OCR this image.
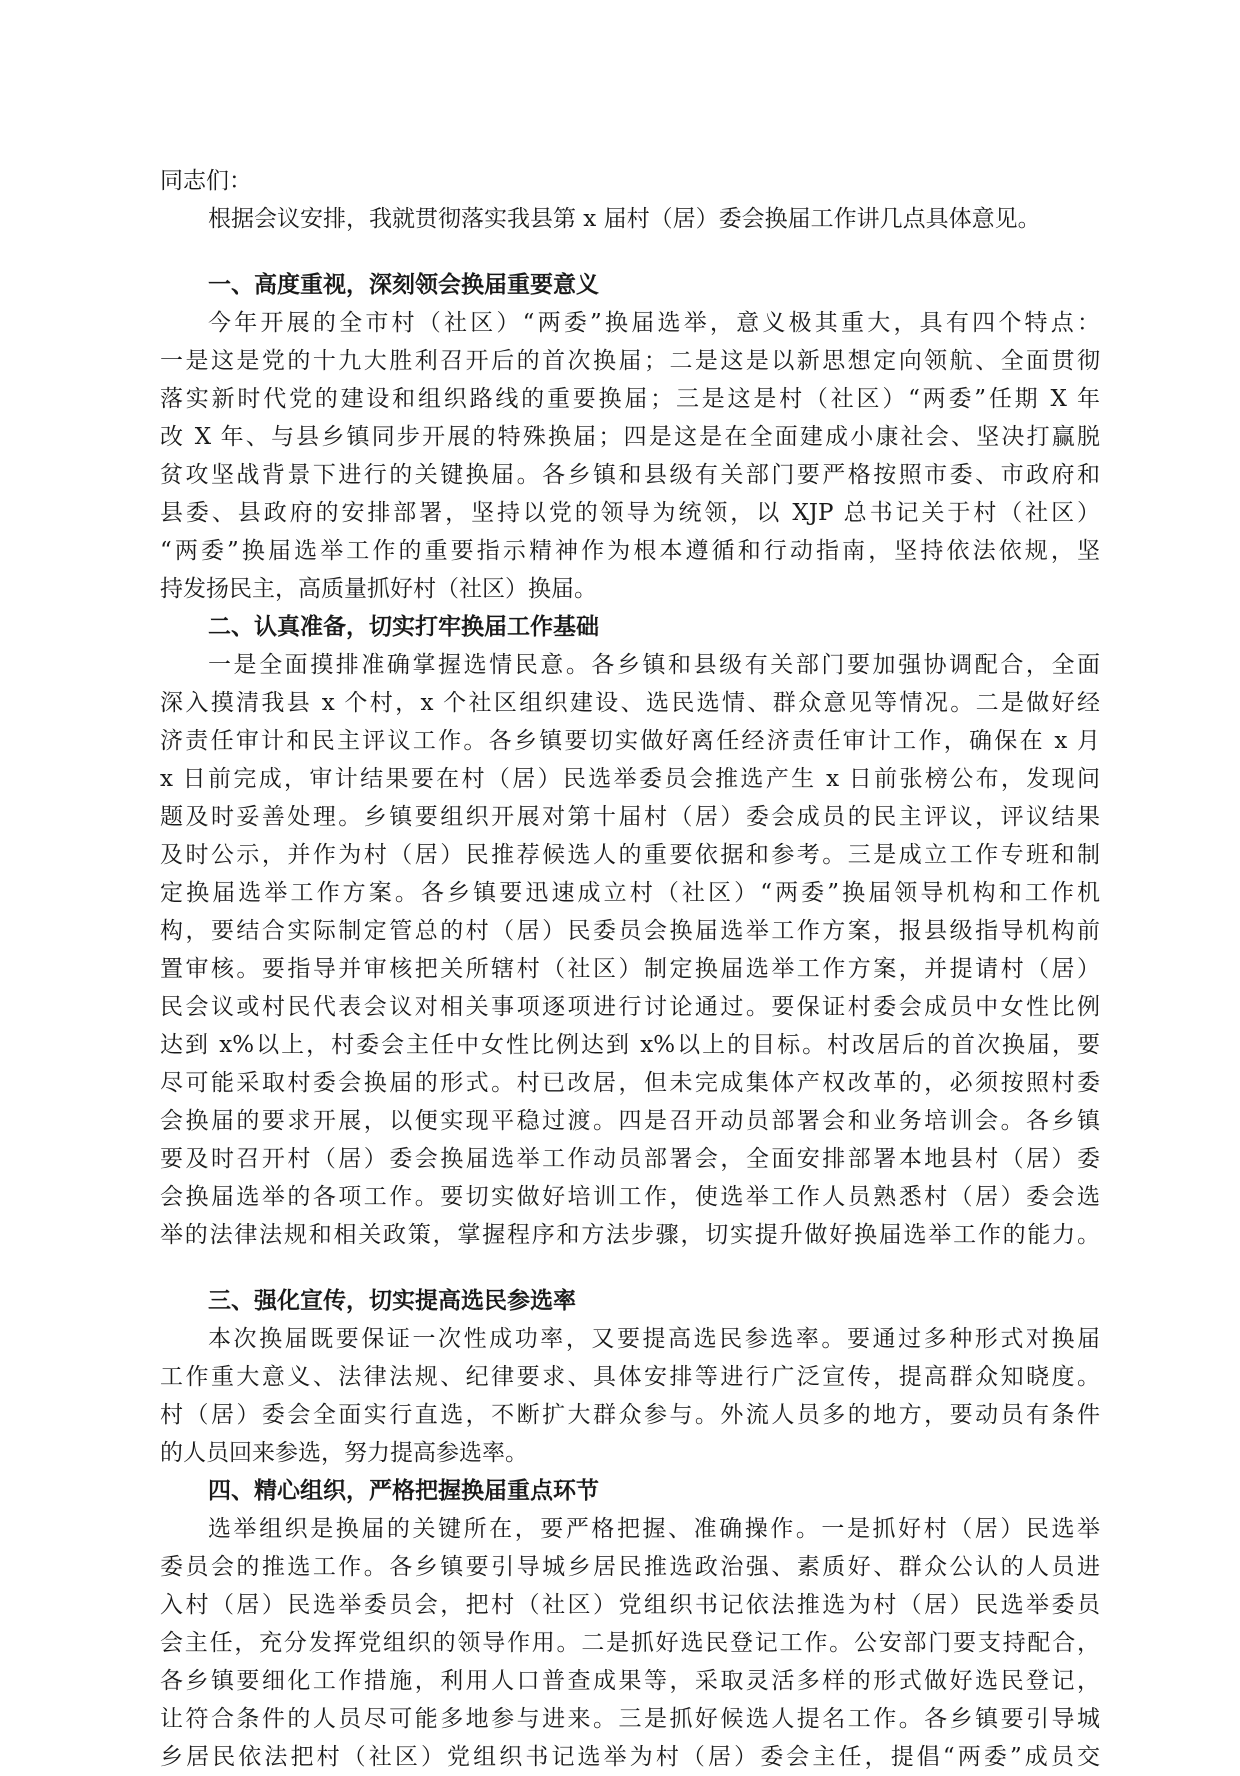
同志们：
根据会议安排，我就贯彻落实我县第 x 届村（居）委会换届工作讲几点具体意见。
一、高度重视，深刻领会换届重要意义
今年开展的全市村（社区）“两委”换届选举，意义极其重大，具有四个特点：
一是这是党的十九大胜利召开后的首次换届；二是这是以新思想定向领航、全面贯彻
落实新时代党的建设和组织路线的重要换届；三是这是村（社区）“两委”任期 X 年
改 X 年、与县乡镇同步开展的特殊换届；四是这是在全面建成小康社会、坚决打赢脱
贫攻坚战背景下进行的关键换届。各乡镇和县级有关部门要严格按照市委、市政府和
县委、县政府的安排部署，坚持以党的领导为统领，以 XJP 总书记关于村（社区）
“两委”换届选举工作的重要指示精神作为根本遵循和行动指南，坚持依法依规，坚
持发扬民主，高质量抓好村（社区）换届。
二、认真准备，切实打牢换届工作基础
一是全面摸排准确掌握选情民意。各乡镇和县级有关部门要加强协调配合，全面
深入摸清我县 x 个村，x 个社区组织建设、选民选情、群众意见等情况。二是做好经
济责任审计和民主评议工作。各乡镇要切实做好离任经济责任审计工作，确保在 x 月
x 日前完成，审计结果要在村（居）民选举委员会推选产生 x 日前张榜公布，发现问
题及时妥善处理。乡镇要组织开展对第十届村（居）委会成员的民主评议，评议结果
及时公示，并作为村（居）民推荐候选人的重要依据和参考。三是成立工作专班和制
定换届选举工作方案。各乡镇要迅速成立村（社区）“两委”换届领导机构和工作机
构，要结合实际制定管总的村（居）民委员会换届选举工作方案，报县级指导机构前
置审核。要指导并审核把关所辖村（社区）制定换届选举工作方案，并提请村（居）
民会议或村民代表会议对相关事项逐项进行讨论通过。要保证村委会成员中女性比例
达到 x%以上，村委会主任中女性比例达到 x%以上的目标。村改居后的首次换届，要
尽可能采取村委会换届的形式。村已改居，但未完成集体产权改革的，必须按照村委
会换届的要求开展，以便实现平稳过渡。四是召开动员部署会和业务培训会。各乡镇
要及时召开村（居）委会换届选举工作动员部署会，全面安排部署本地县村（居）委
会换届选举的各项工作。要切实做好培训工作，使选举工作人员熟悉村（居）委会选
举的法律法规和相关政策，掌握程序和方法步骤，切实提升做好换届选举工作的能力。
三、强化宣传，切实提高选民参选率
本次换届既要保证一次性成功率，又要提高选民参选率。要通过多种形式对换届
工作重大意义、法律法规、纪律要求、具体安排等进行广泛宣传，提高群众知晓度。
村（居）委会全面实行直选，不断扩大群众参与。外流人员多的地方，要动员有条件
的人员回来参选，努力提高参选率。
四、精心组织，严格把握换届重点环节
选举组织是换届的关键所在，要严格把握、准确操作。一是抓好村（居）民选举
委员会的推选工作。各乡镇要引导城乡居民推选政治强、素质好、群众公认的人员进
入村（居）民选举委员会，把村（社区）党组织书记依法推选为村（居）民选举委员
会主任，充分发挥党组织的领导作用。二是抓好选民登记工作。公安部门要支持配合，
各乡镇要细化工作措施，利用人口普查成果等，采取灵活多样的形式做好选民登记，
让符合条件的人员尽可能多地参与进来。三是抓好候选人提名工作。各乡镇要引导城
乡居民依法把村（社区）党组织书记选举为村（居）委会主任，提倡“两委”成员交
